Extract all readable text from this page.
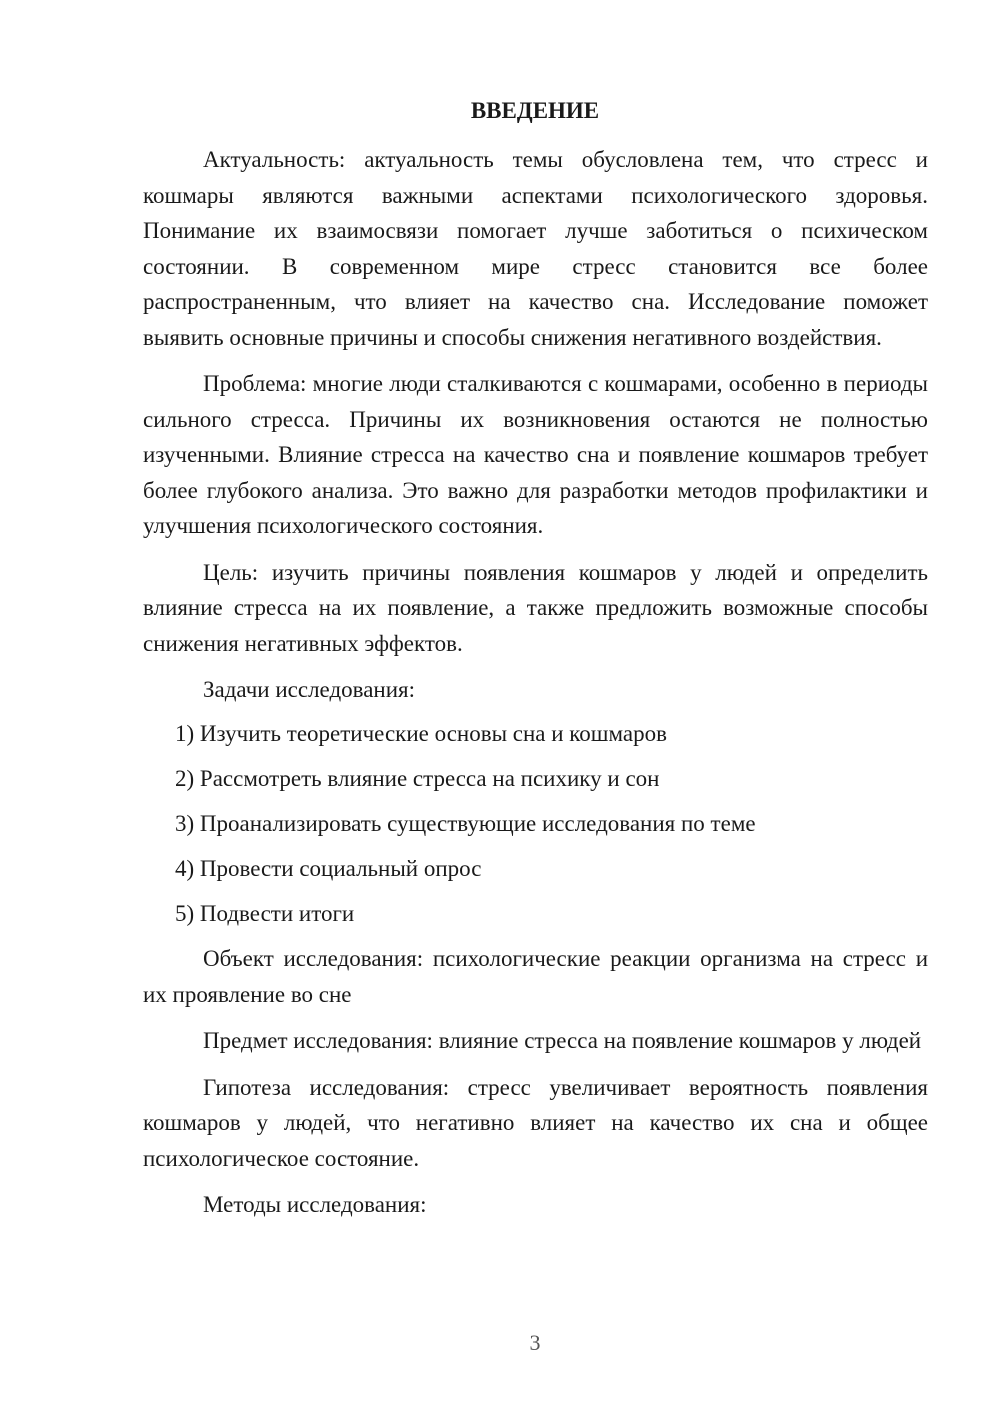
ВВЕДЕНИЕ

Актуальность: актуальность темы обусловлена тем, что стресс и кошмары являются важными аспектами психологического здоровья. Понимание их взаимосвязи помогает лучше заботиться о психическом состоянии. В современном мире стресс становится все более распространенным, что влияет на качество сна. Исследование поможет выявить основные причины и способы снижения негативного воздействия.

Проблема: многие люди сталкиваются с кошмарами, особенно в периоды сильного стресса. Причины их возникновения остаются не полностью изученными. Влияние стресса на качество сна и появление кошмаров требует более глубокого анализа. Это важно для разработки методов профилактики и улучшения психологического состояния.

Цель: изучить причины появления кошмаров у людей и определить влияние стресса на их появление, а также предложить возможные способы снижения негативных эффектов.

Задачи исследования:

1) Изучить теоретические основы сна и кошмаров
2) Рассмотреть влияние стресса на психику и сон
3) Проанализировать существующие исследования по теме
4) Провести социальный опрос
5) Подвести итоги

Объект исследования: психологические реакции организма на стресс и их проявление во сне

Предмет исследования: влияние стресса на появление кошмаров у людей

Гипотеза исследования: стресс увеличивает вероятность появления кошмаров у людей, что негативно влияет на качество их сна и общее психологическое состояние.

Методы исследования:

3
